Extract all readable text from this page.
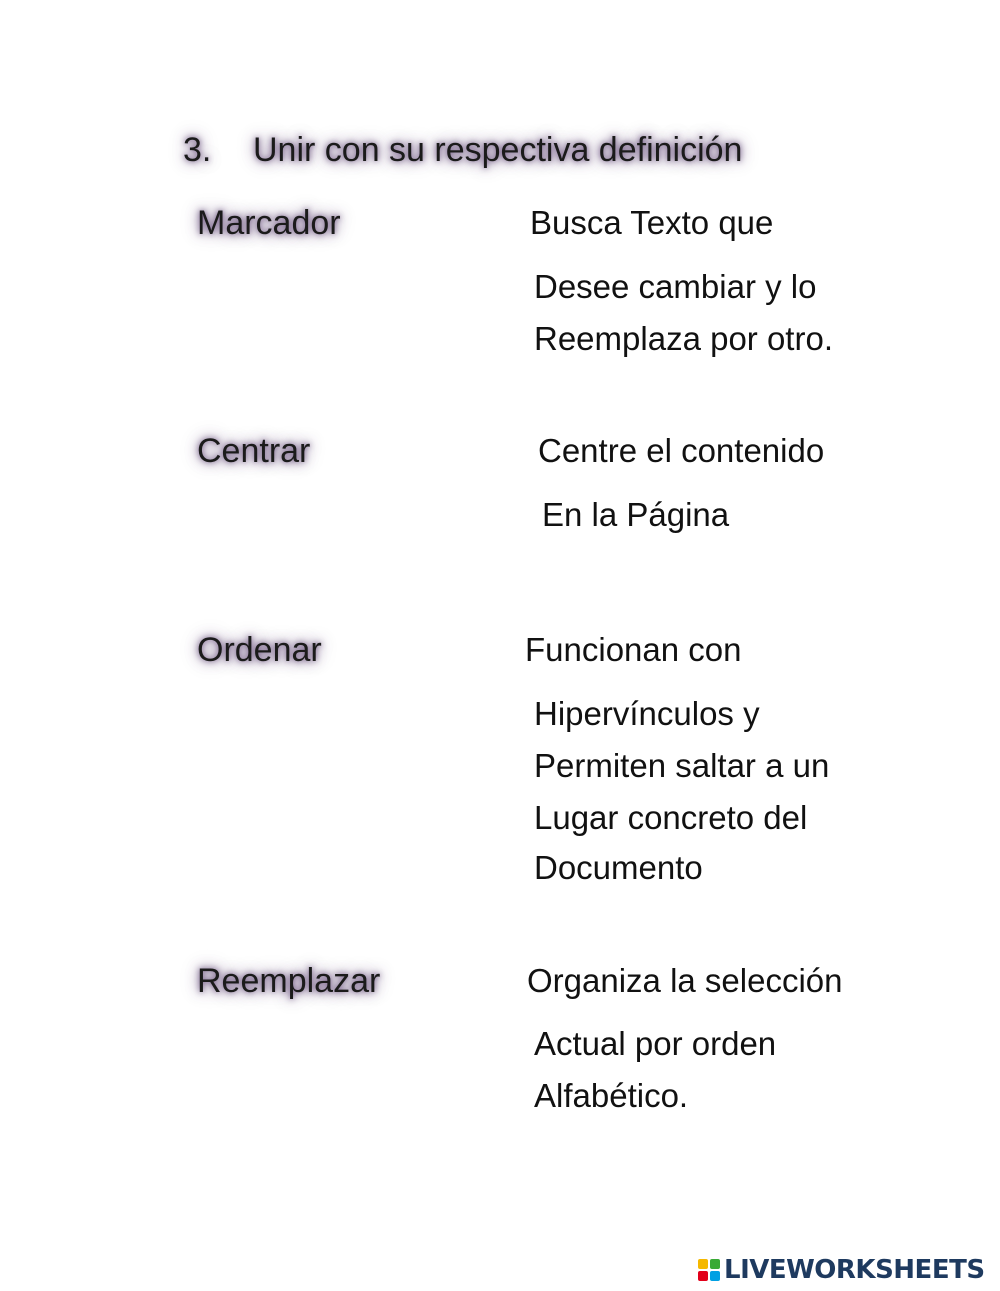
3. Unir con su respectiva definición
Marcador
Centrar
Ordenar
Reemplazar
Busca Texto que
Desee cambiar y lo
Reemplaza por otro.
Centre el contenido
En la Página
Funcionan con
Hipervínculos y
Permiten saltar a un
Lugar concreto del
Documento
Organiza la selección
Actual por orden
Alfabético.
LIVEWORKSHEETS
